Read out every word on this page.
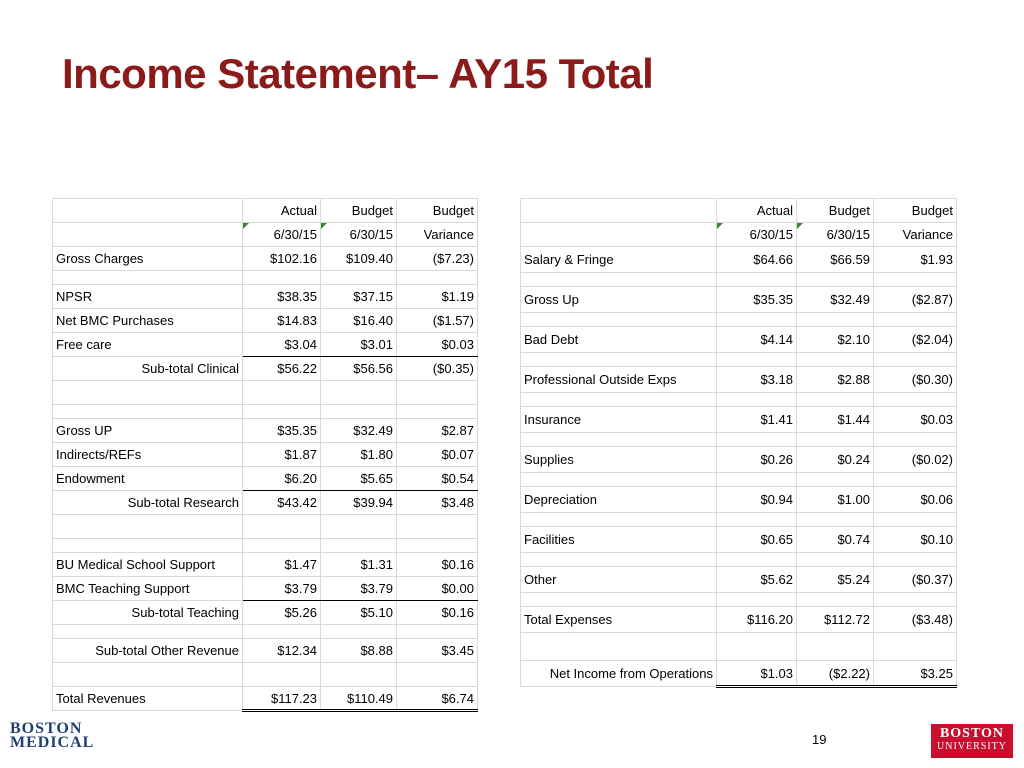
Income Statement– AY15 Total
	Actual	Budget	Budget
	6/30/15	6/30/15	Variance
Gross Charges	$102.16	$109.40	($7.23)

NPSR	$38.35	$37.15	$1.19
Net BMC Purchases	$14.83	$16.40	($1.57)
Free care	$3.04	$3.01	$0.03
Sub-total Clinical	$56.22	$56.56	($0.35)

Gross UP	$35.35	$32.49	$2.87
Indirects/REFs	$1.87	$1.80	$0.07
Endowment	$6.20	$5.65	$0.54
Sub-total Research	$43.42	$39.94	$3.48

BU Medical School Support	$1.47	$1.31	$0.16
BMC Teaching Support	$3.79	$3.79	$0.00
Sub-total Teaching	$5.26	$5.10	$0.16

Sub-total Other Revenue	$12.34	$8.88	$3.45

Total Revenues	$117.23	$110.49	$6.74
	Actual	Budget	Budget
	6/30/15	6/30/15	Variance
Salary & Fringe	$64.66	$66.59	$1.93

Gross Up	$35.35	$32.49	($2.87)

Bad Debt	$4.14	$2.10	($2.04)

Professional Outside Exps	$3.18	$2.88	($0.30)

Insurance	$1.41	$1.44	$0.03

Supplies	$0.26	$0.24	($0.02)

Depreciation	$0.94	$1.00	$0.06

Facilities	$0.65	$0.74	$0.10

Other	$5.62	$5.24	($0.37)

Total Expenses	$116.20	$112.72	($3.48)

Net Income from Operations	$1.03	($2.22)	$3.25
BOSTON
MEDICAL	19	BOSTON
UNIVERSITY
